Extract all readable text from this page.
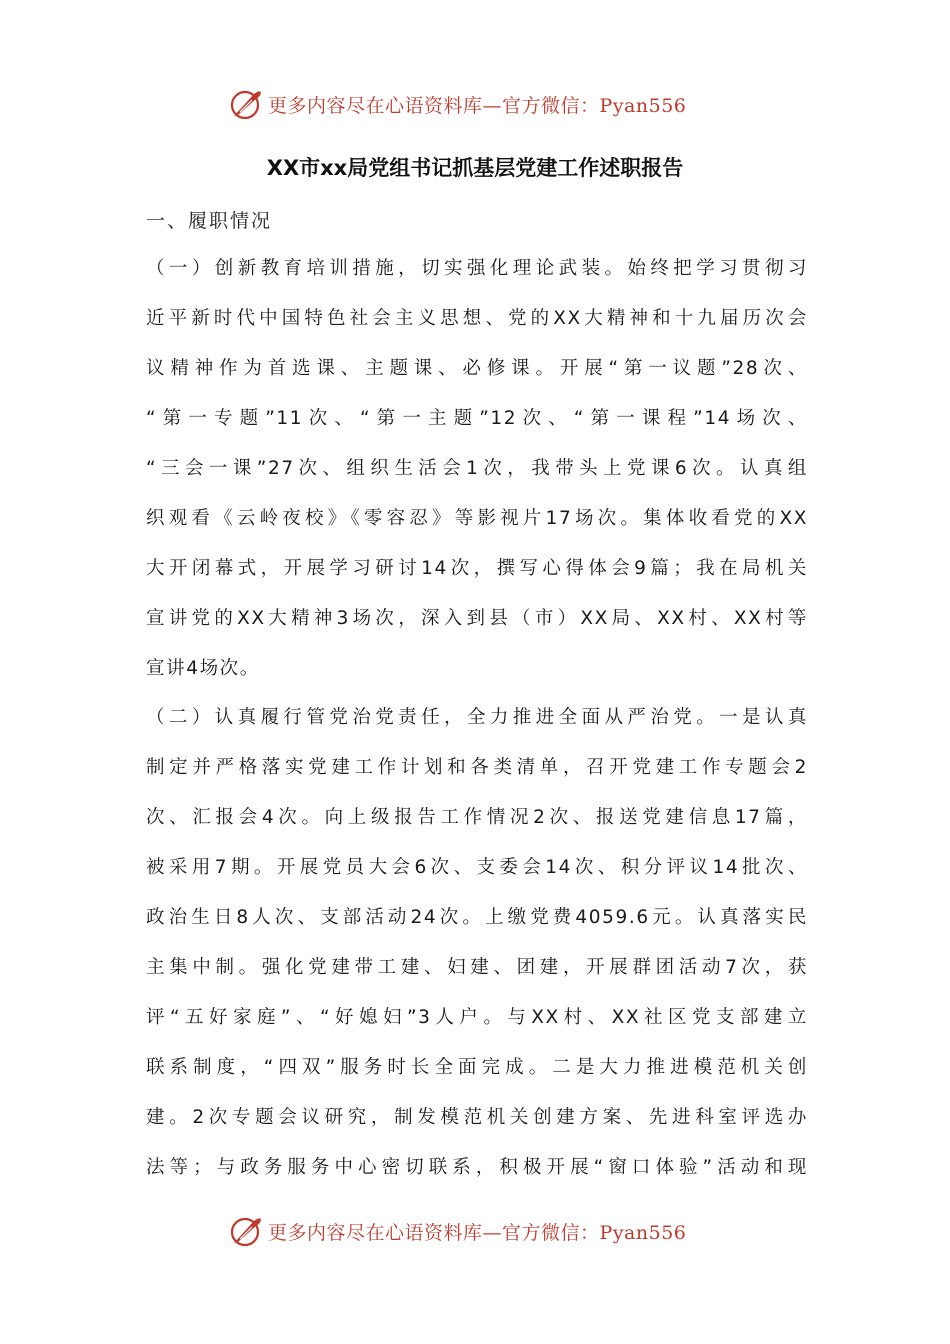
更多内容尽在心语资料库—官方微信：Pyan556
XX市xx局党组书记抓基层党建工作述职报告
一、履职情况
（一）创新教育培训措施，切实强化理论武装。始终把学习贯彻习
近平新时代中国特色社会主义思想、党的XX大精神和十九届历次会
议精神作为首选课、主题课、必修课。开展“第一议题”28次、
“第一专题”11次、“第一主题”12次、“第一课程”14场次、
“三会一课”27次、组织生活会1次，我带头上党课6次。认真组
织观看《云岭夜校》《零容忍》等影视片17场次。集体收看党的XX
大开闭幕式，开展学习研讨14次，撰写心得体会9篇；我在局机关
宣讲党的XX大精神3场次，深入到县（市）XX局、XX村、XX村等
宣讲4场次。
（二）认真履行管党治党责任，全力推进全面从严治党。一是认真
制定并严格落实党建工作计划和各类清单，召开党建工作专题会2
次、汇报会4次。向上级报告工作情况2次、报送党建信息17篇，
被采用7期。开展党员大会6次、支委会14次、积分评议14批次、
政治生日8人次、支部活动24次。上缴党费4059.6元。认真落实民
主集中制。强化党建带工建、妇建、团建，开展群团活动7次，获
评“五好家庭”、“好媳妇”3人户。与XX村、XX社区党支部建立
联系制度，“四双”服务时长全面完成。二是大力推进模范机关创
建。2次专题会议研究，制发模范机关创建方案、先进科室评选办
法等；与政务服务中心密切联系，积极开展“窗口体验”活动和现
更多内容尽在心语资料库—官方微信：Pyan556
